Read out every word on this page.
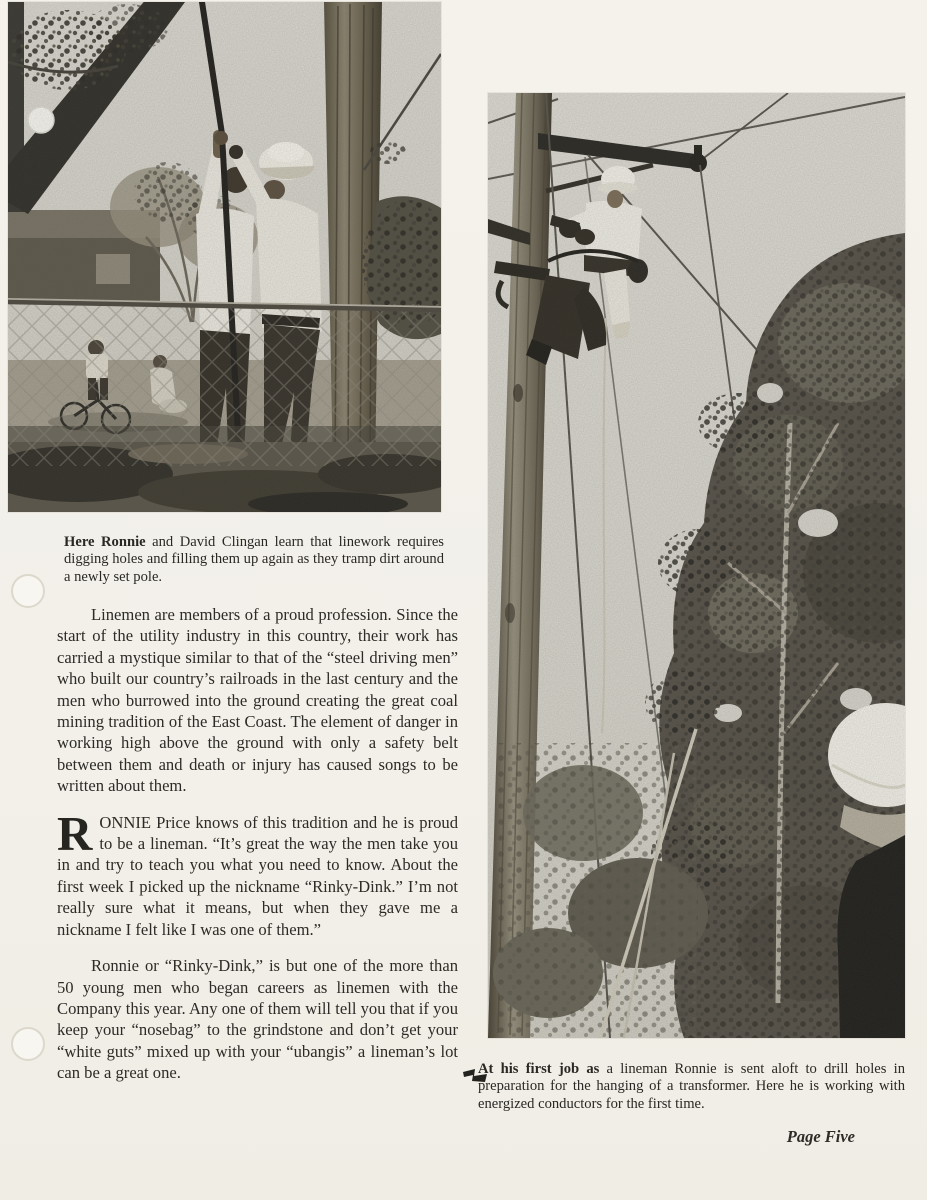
Here Ronnie and David Clingan learn that linework requires digging holes and filling them up again as they tramp dirt around a newly set pole.

Linemen are members of a proud profession. Since the start of the utility industry in this country, their work has carried a mystique similar to that of the “steel driving men” who built our country’s railroads in the last century and the men who burrowed into the ground creating the great coal mining tradition of the East Coast. The element of danger in working high above the ground with only a safety belt between them and death or injury has caused songs to be written about them.

RONNIE Price knows of this tradition and he is proud to be a lineman. “It’s great the way the men take you in and try to teach you what you need to know. About the first week I picked up the nickname “Rinky-Dink.” I’m not really sure what it means, but when they gave me a nickname I felt like I was one of them.”

Ronnie or “Rinky-Dink,” is but one of the more than 50 young men who began careers as linemen with the Company this year. Any one of them will tell you that if you keep your “nosebag” to the grindstone and don’t get your “white guts” mixed up with your “ubangis” a lineman’s lot can be a great one.	At his first job as a lineman Ronnie is sent aloft to drill holes in preparation for the hanging of a transformer. Here he is working with energized conductors for the first time.

Page Five
